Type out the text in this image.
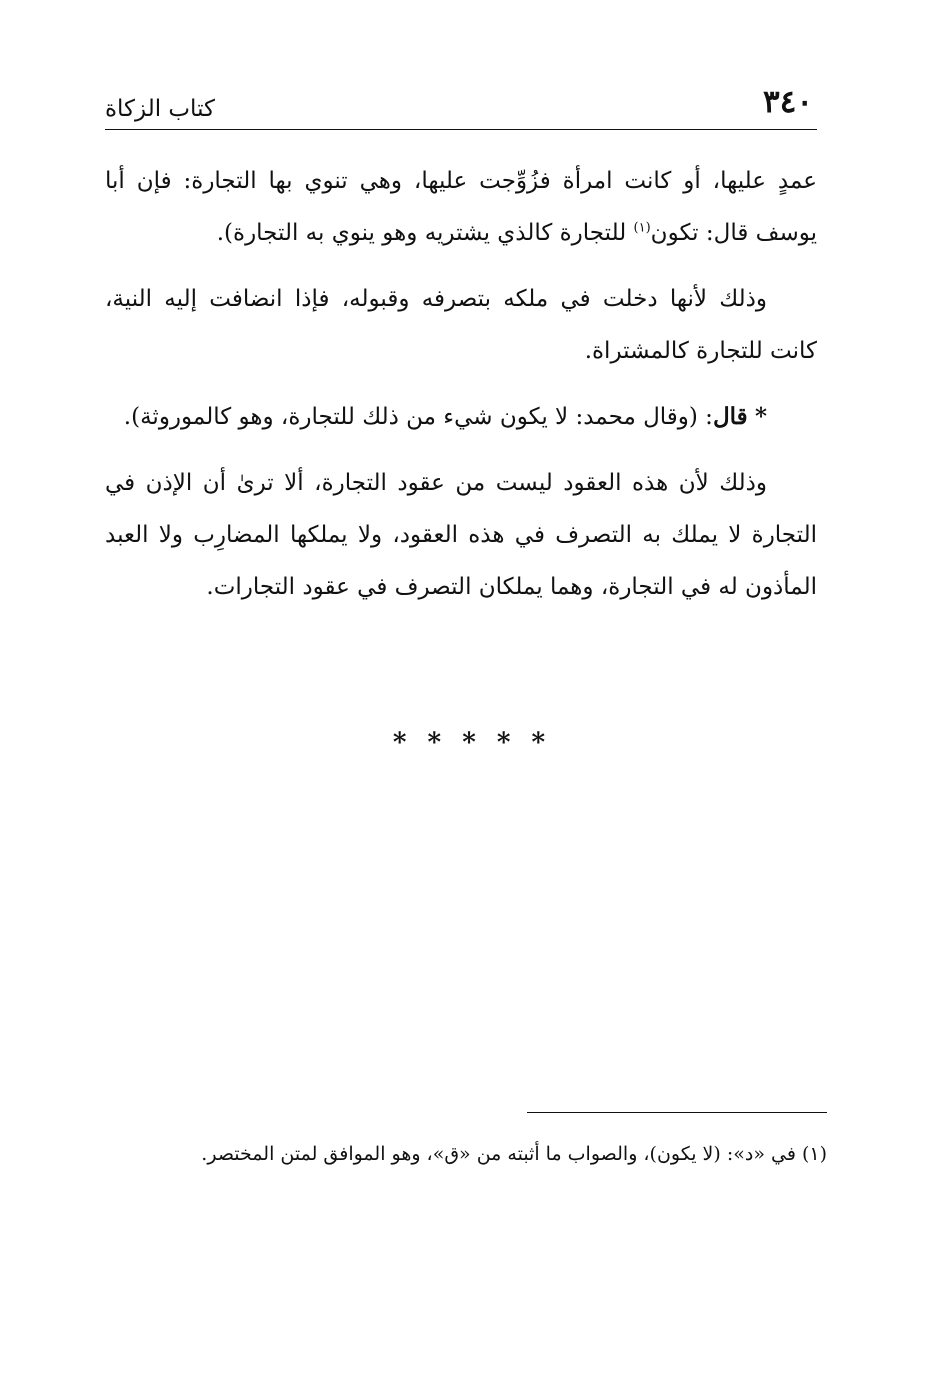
٣٤٠
كتاب الزكاة

عمدٍ عليها، أو كانت امرأة فزُوِّجت عليها، وهي تنوي بها التجارة: فإن أبا يوسف قال: تكون$^{(١)}$ للتجارة كالذي يشتريه وهو ينوي به التجارة).

وذلك لأنها دخلت في ملكه بتصرفه وقبوله، فإذا انضافت إليه النية، كانت للتجارة كالمشتراة.

* قال: (وقال محمد: لا يكون شيء من ذلك للتجارة، وهو كالموروثة).

وذلك لأن هذه العقود ليست من عقود التجارة، ألا ترىٰ أن الإذن في التجارة لا يملك به التصرف في هذه العقود، ولا يملكها المضارِب ولا العبد المأذون له في التجارة، وهما يملكان التصرف في عقود التجارات.

* * * * *
(١) في «د»: (لا يكون)، والصواب ما أثبته من «ق»، وهو الموافق لمتن المختصر.
